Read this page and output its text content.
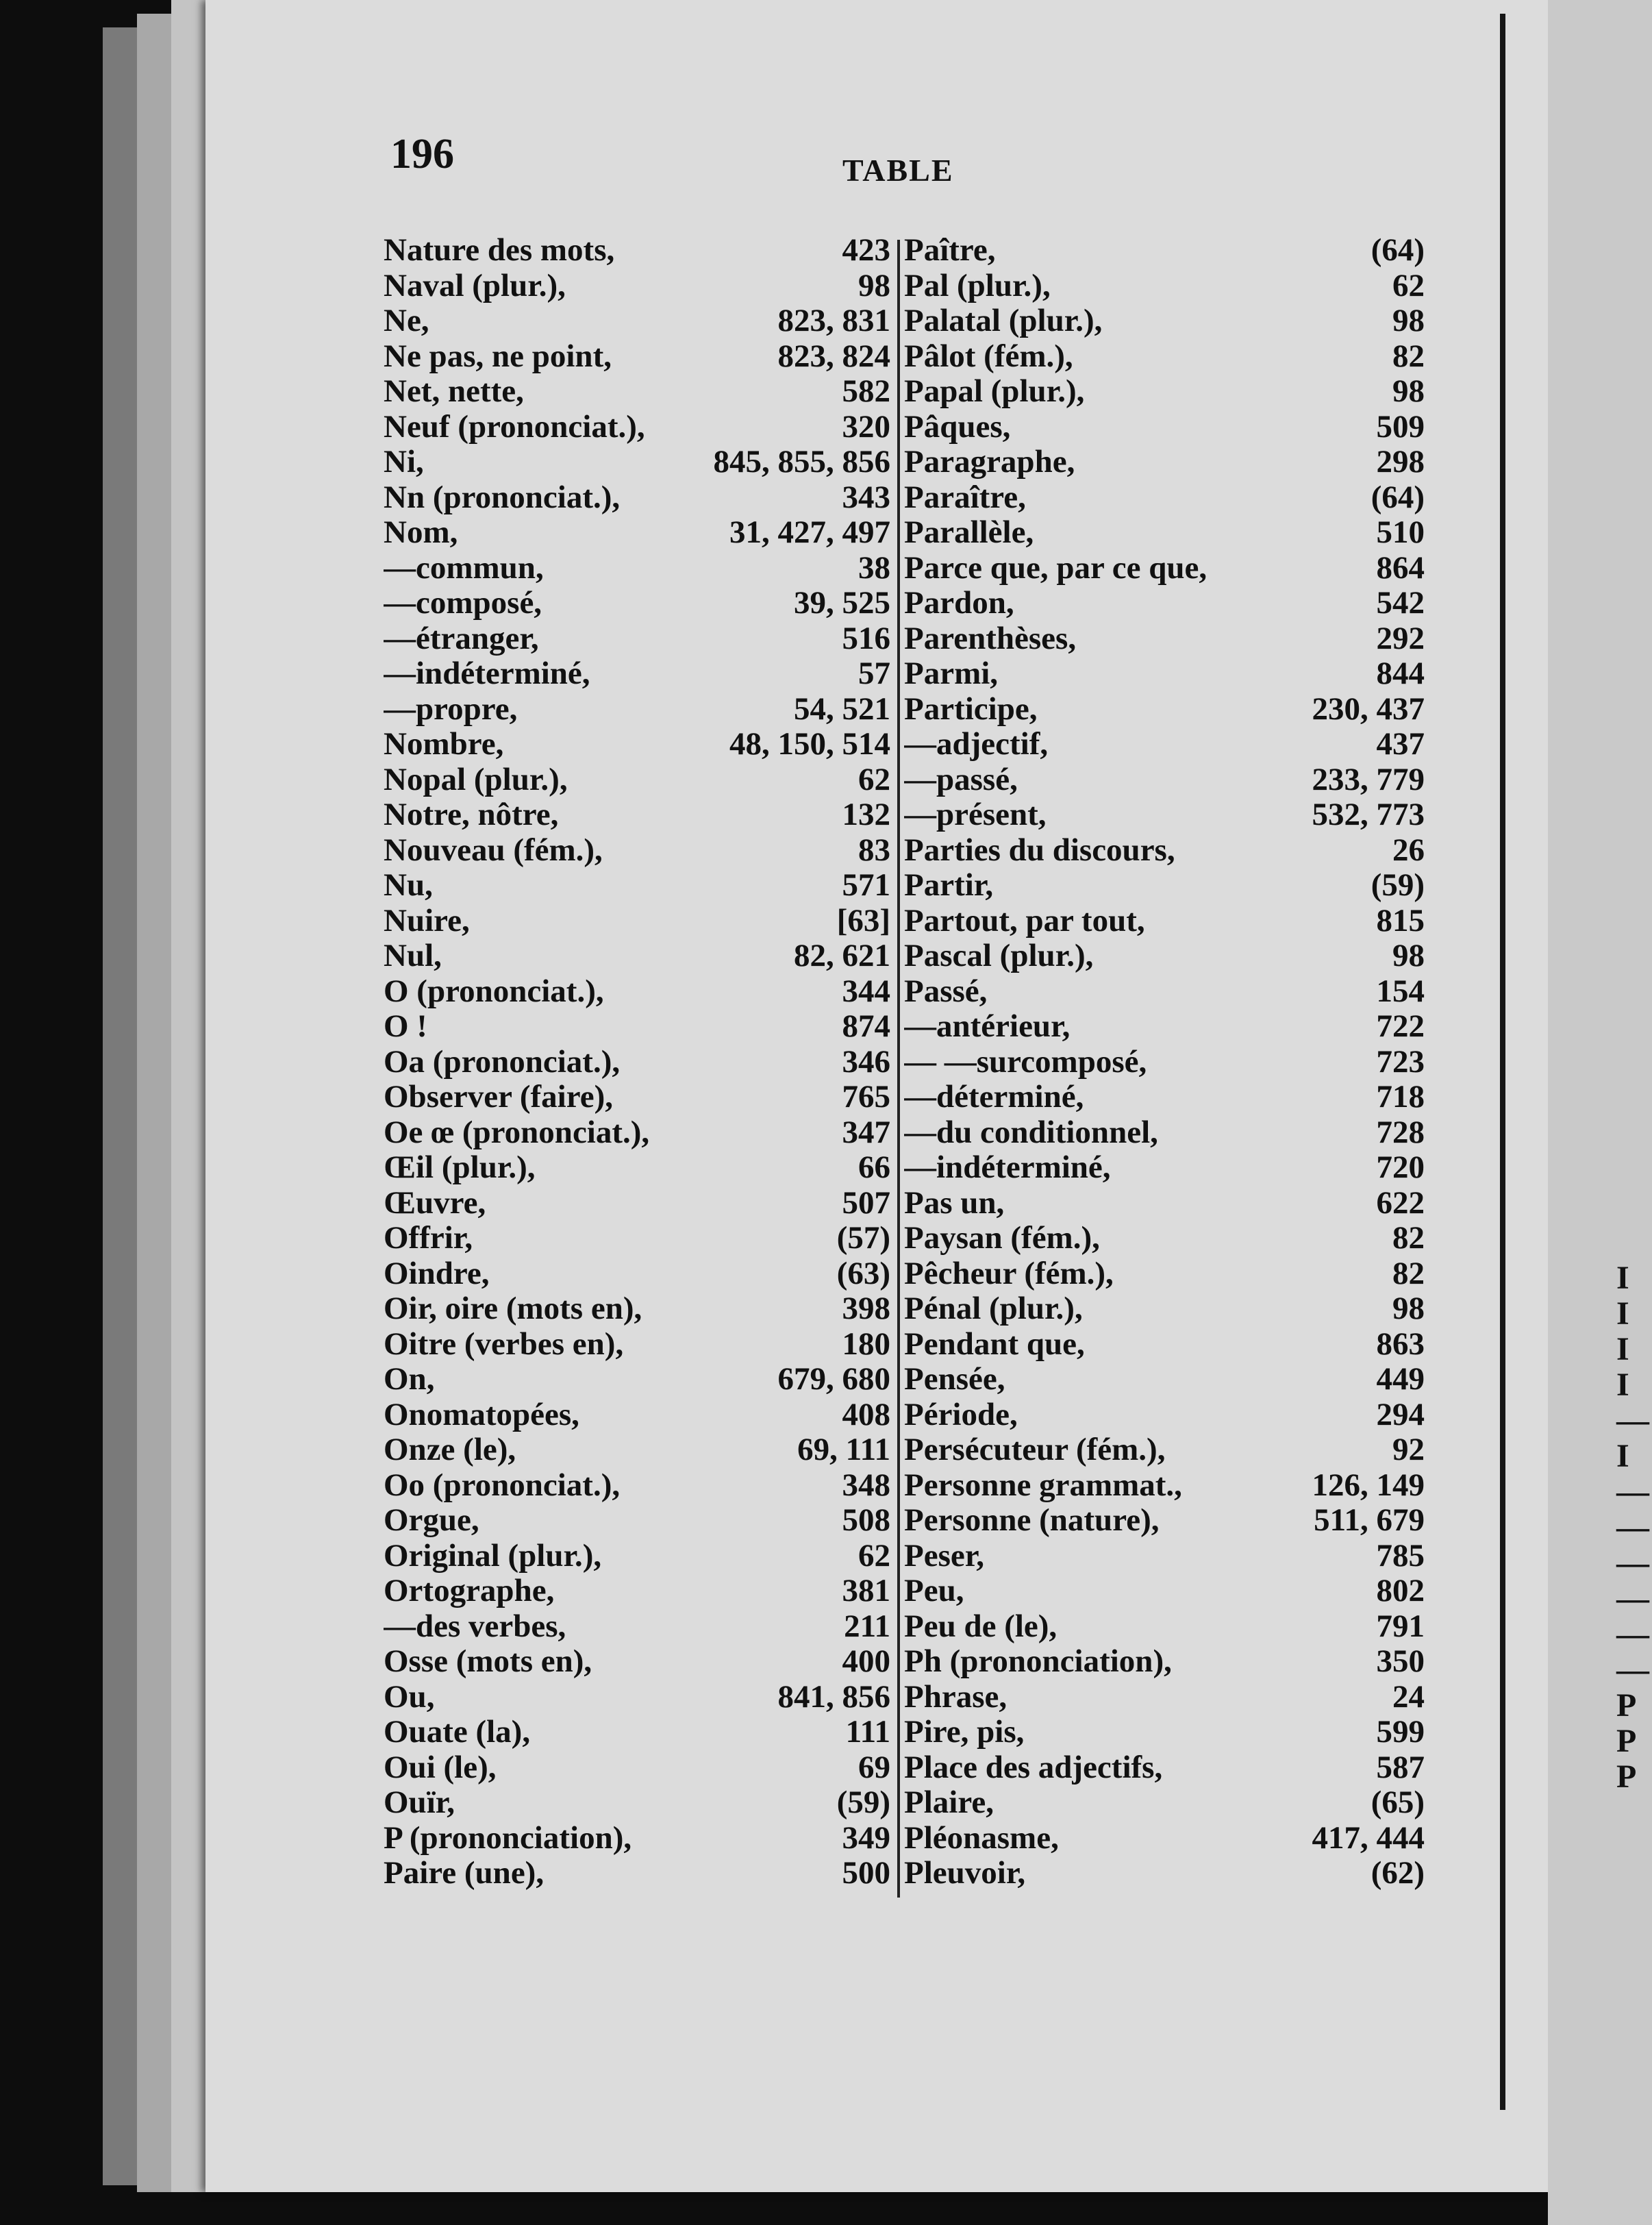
196	TABLE
Nature des mots,	423
Naval (plur.),	98
Ne,	823, 831
Ne pas, ne point,	823, 824
Net, nette,	582
Neuf (prononciat.),	320
Ni,	845, 855, 856
Nn (prononciat.),	343
Nom,	31, 427, 497
—commun,	38
—composé,	39, 525
—étranger,	516
—indéterminé,	57
—propre,	54, 521
Nombre,	48, 150, 514
Nopal (plur.),	62
Notre, nôtre,	132
Nouveau (fém.),	83
Nu,	571
Nuire,	[63]
Nul,	82, 621
O (prononciat.),	344
O !	874
Oa (prononciat.),	346
Observer (faire),	765
Oe œ (prononciat.),	347
Œil (plur.),	66
Œuvre,	507
Offrir,	(57)
Oindre,	(63)
Oir, oire (mots en),	398
Oitre (verbes en),	180
On,	679, 680
Onomatopées,	408
Onze (le),	69, 111
Oo (prononciat.),	348
Orgue,	508
Original (plur.),	62
Ortographe,	381
—des verbes,	211
Osse (mots en),	400
Ou,	841, 856
Ouate (la),	111
Oui (le),	69
Ouïr,	(59)
P (prononciation),	349
Paire (une),	500
Paître,	(64)
Pal (plur.),	62
Palatal (plur.),	98
Pâlot (fém.),	82
Papal (plur.),	98
Pâques,	509
Paragraphe,	298
Paraître,	(64)
Parallèle,	510
Parce que, par ce que,	864
Pardon,	542
Parenthèses,	292
Parmi,	844
Participe,	230, 437
—adjectif,	437
—passé,	233, 779
—présent,	532, 773
Parties du discours,	26
Partir,	(59)
Partout, par tout,	815
Pascal (plur.),	98
Passé,	154
—antérieur,	722
— —surcomposé,	723
—déterminé,	718
—du conditionnel,	728
—indéterminé,	720
Pas un,	622
Paysan (fém.),	82
Pêcheur (fém.),	82
Pénal (plur.),	98
Pendant que,	863
Pensée,	449
Période,	294
Persécuteur (fém.),	92
Personne grammat.,	126, 149
Personne (nature),	511, 679
Peser,	785
Peu,	802
Peu de (le),	791
Ph (prononciation),	350
Phrase,	24
Pire, pis,	599
Place des adjectifs,	587
Plaire,	(65)
Pléonasme,	417, 444
Pleuvoir,	(62)
I
I
I
I
—
I
—
—
—
—
—
—
P
P
P
